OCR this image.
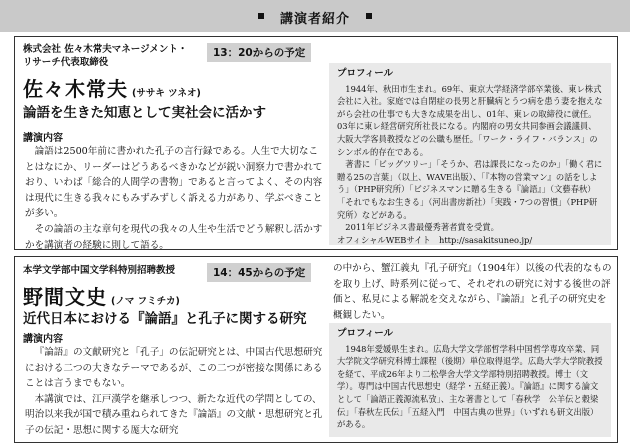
講演者紹介
株式会社 佐々木常夫マネージメント・
リサーチ代表取締役
13：20からの予定
佐々木常夫 (ササキ ツネオ)
論語を生きた知恵として実社会に活かす
講演内容

論語は2500年前に書かれた孔子の言行録である。人生で大切なことはなにか、リーダーはどうあるべきかなどが鋭い洞察力で書かれており、いわば「総合的人間学の書物」であると言ってよく、その内容は現代に生きる我々にもみずみずしく訴える力があり、学ぶべきことが多い。

その論語の主な章句を現代の我々の人生や生活でどう解釈し活かすかを講演者の経験に則して語る。

プロフィール

1944年、秋田市生まれ。69年、東京大学経済学部卒業後、東レ株式会社に入社。家庭では自閉症の長男と肝臓病とうつ病を患う妻を抱えながら会社の仕事でも大きな成果を出し、01年、東レの取締役に就任。03年に東レ経営研究所社長になる。内閣府の男女共同参画会議議員、大阪大学客員教授などの公職も歴任。「ワーク・ライフ・バランス」のシンボル的存在である。

著書に「ビッグツリー」「そうか、君は課長になったのか」「働く君に贈る25の言葉」（以上、WAVE出版）、「『本物の営業マン』の話をしよう」（PHP研究所）「ビジネスマンに贈る生きる『論語』」（文藝春秋）「それでもなお生きる」（河出書房新社）「実践・7つの習慣」（PHP研究所）などがある。

2011年ビジネス書最優秀著者賞を受賞。

オフィシャルWEBサイト　http://sasakitsuneo.jp/

本学文学部中国文学科特別招聘教授	14：45からの予定
野間文史 (ノマ フミチカ)
近代日本における『論語』と孔子に関する研究
講演内容

『論語』の文献研究と「孔子」の伝記研究とは、中国古代思想研究における二つの大きなテーマであるが、この二つが密接な関係にあることは言うまでもない。

本講演では、江戸漢学を継承しつつ、新たな近代の学問としての、明治以来我が国で積み重ねられてきた『論語』の文献・思想研究と孔子の伝記・思想に関する厖大な研究

の中から、蟹江義丸『孔子研究』（1904年）以後の代表的なものを取り上げ、時系列に従って、それぞれの研究に対する後世の評価と、私見による解説を交えながら、『論語』と孔子の研究史を概観したい。
プロフィール

1948年愛媛県生まれ。広島大学文学部哲学科中国哲学専攻卒業、同大学院文学研究科博士課程（後期）単位取得退学。広島大学大学院教授を経て、平成26年より二松學舍大学文学部特別招聘教授。博士（文学）。専門は中国古代思想史（経学・五経正義）。『論語』に関する論文として「論語正義源流私攷」、主な著書として「春秋学　公羊伝と穀梁伝」「春秋左氏伝」「五経入門　中国古典の世界」（いずれも研文出版）がある。
